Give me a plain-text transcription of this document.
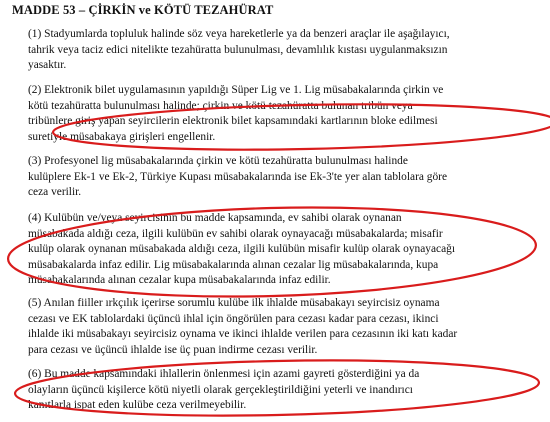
MADDE 53 – ÇİRKİN ve KÖTÜ TEZAHÜRAT
(1) Stadyumlarda topluluk halinde söz veya hareketlerle ya da benzeri araçlar ile aşağılayıcı,
tahrik veya taciz edici nitelikte tezahüratta bulunulması, devamlılık kıstası uygulanmaksızın
yasaktır.
(2) Elektronik bilet uygulamasının yapıldığı Süper Lig ve 1. Lig müsabakalarında çirkin ve
kötü tezahüratta bulunulması halinde; çirkin ve kötü tezahüratta bulunan tribün veya
tribünlere giriş yapan seyircilerin elektronik bilet kapsamındaki kartlarının bloke edilmesi
suretiyle müsabakaya girişleri engellenir.
(3) Profesyonel lig müsabakalarında çirkin ve kötü tezahüratta bulunulması halinde
kulüplere Ek-1 ve Ek-2, Türkiye Kupası müsabakalarında ise Ek-3'te yer alan tablolara göre
ceza verilir.
(4) Kulübün ve/veya seyircisinin bu madde kapsamında, ev sahibi olarak oynanan
müsabakada aldığı ceza, ilgili kulübün ev sahibi olarak oynayacağı müsabakalarda; misafir
kulüp olarak oynanan müsabakada aldığı ceza, ilgili kulübün misafir kulüp olarak oynayacağı
müsabakalarda infaz edilir. Lig müsabakalarında alınan cezalar lig müsabakalarında, kupa
müsabakalarında alınan cezalar kupa müsabakalarında infaz edilir.
(5) Anılan fiiller ırkçılık içerirse sorumlu kulübe ilk ihlalde müsabakayı seyircisiz oynama
cezası ve EK tablolardaki üçüncü ihlal için öngörülen para cezası kadar para cezası, ikinci
ihlalde iki müsabakayı seyircisiz oynama ve ikinci ihlalde verilen para cezasının iki katı kadar
para cezası ve üçüncü ihlalde ise üç puan indirme cezası verilir.
(6) Bu madde kapsamındaki ihlallerin önlenmesi için azami gayreti gösterdiğini ya da
olayların üçüncü kişilerce kötü niyetli olarak gerçekleştirildiğini yeterli ve inandırıcı
kanıtlarla ispat eden kulübe ceza verilmeyebilir.
